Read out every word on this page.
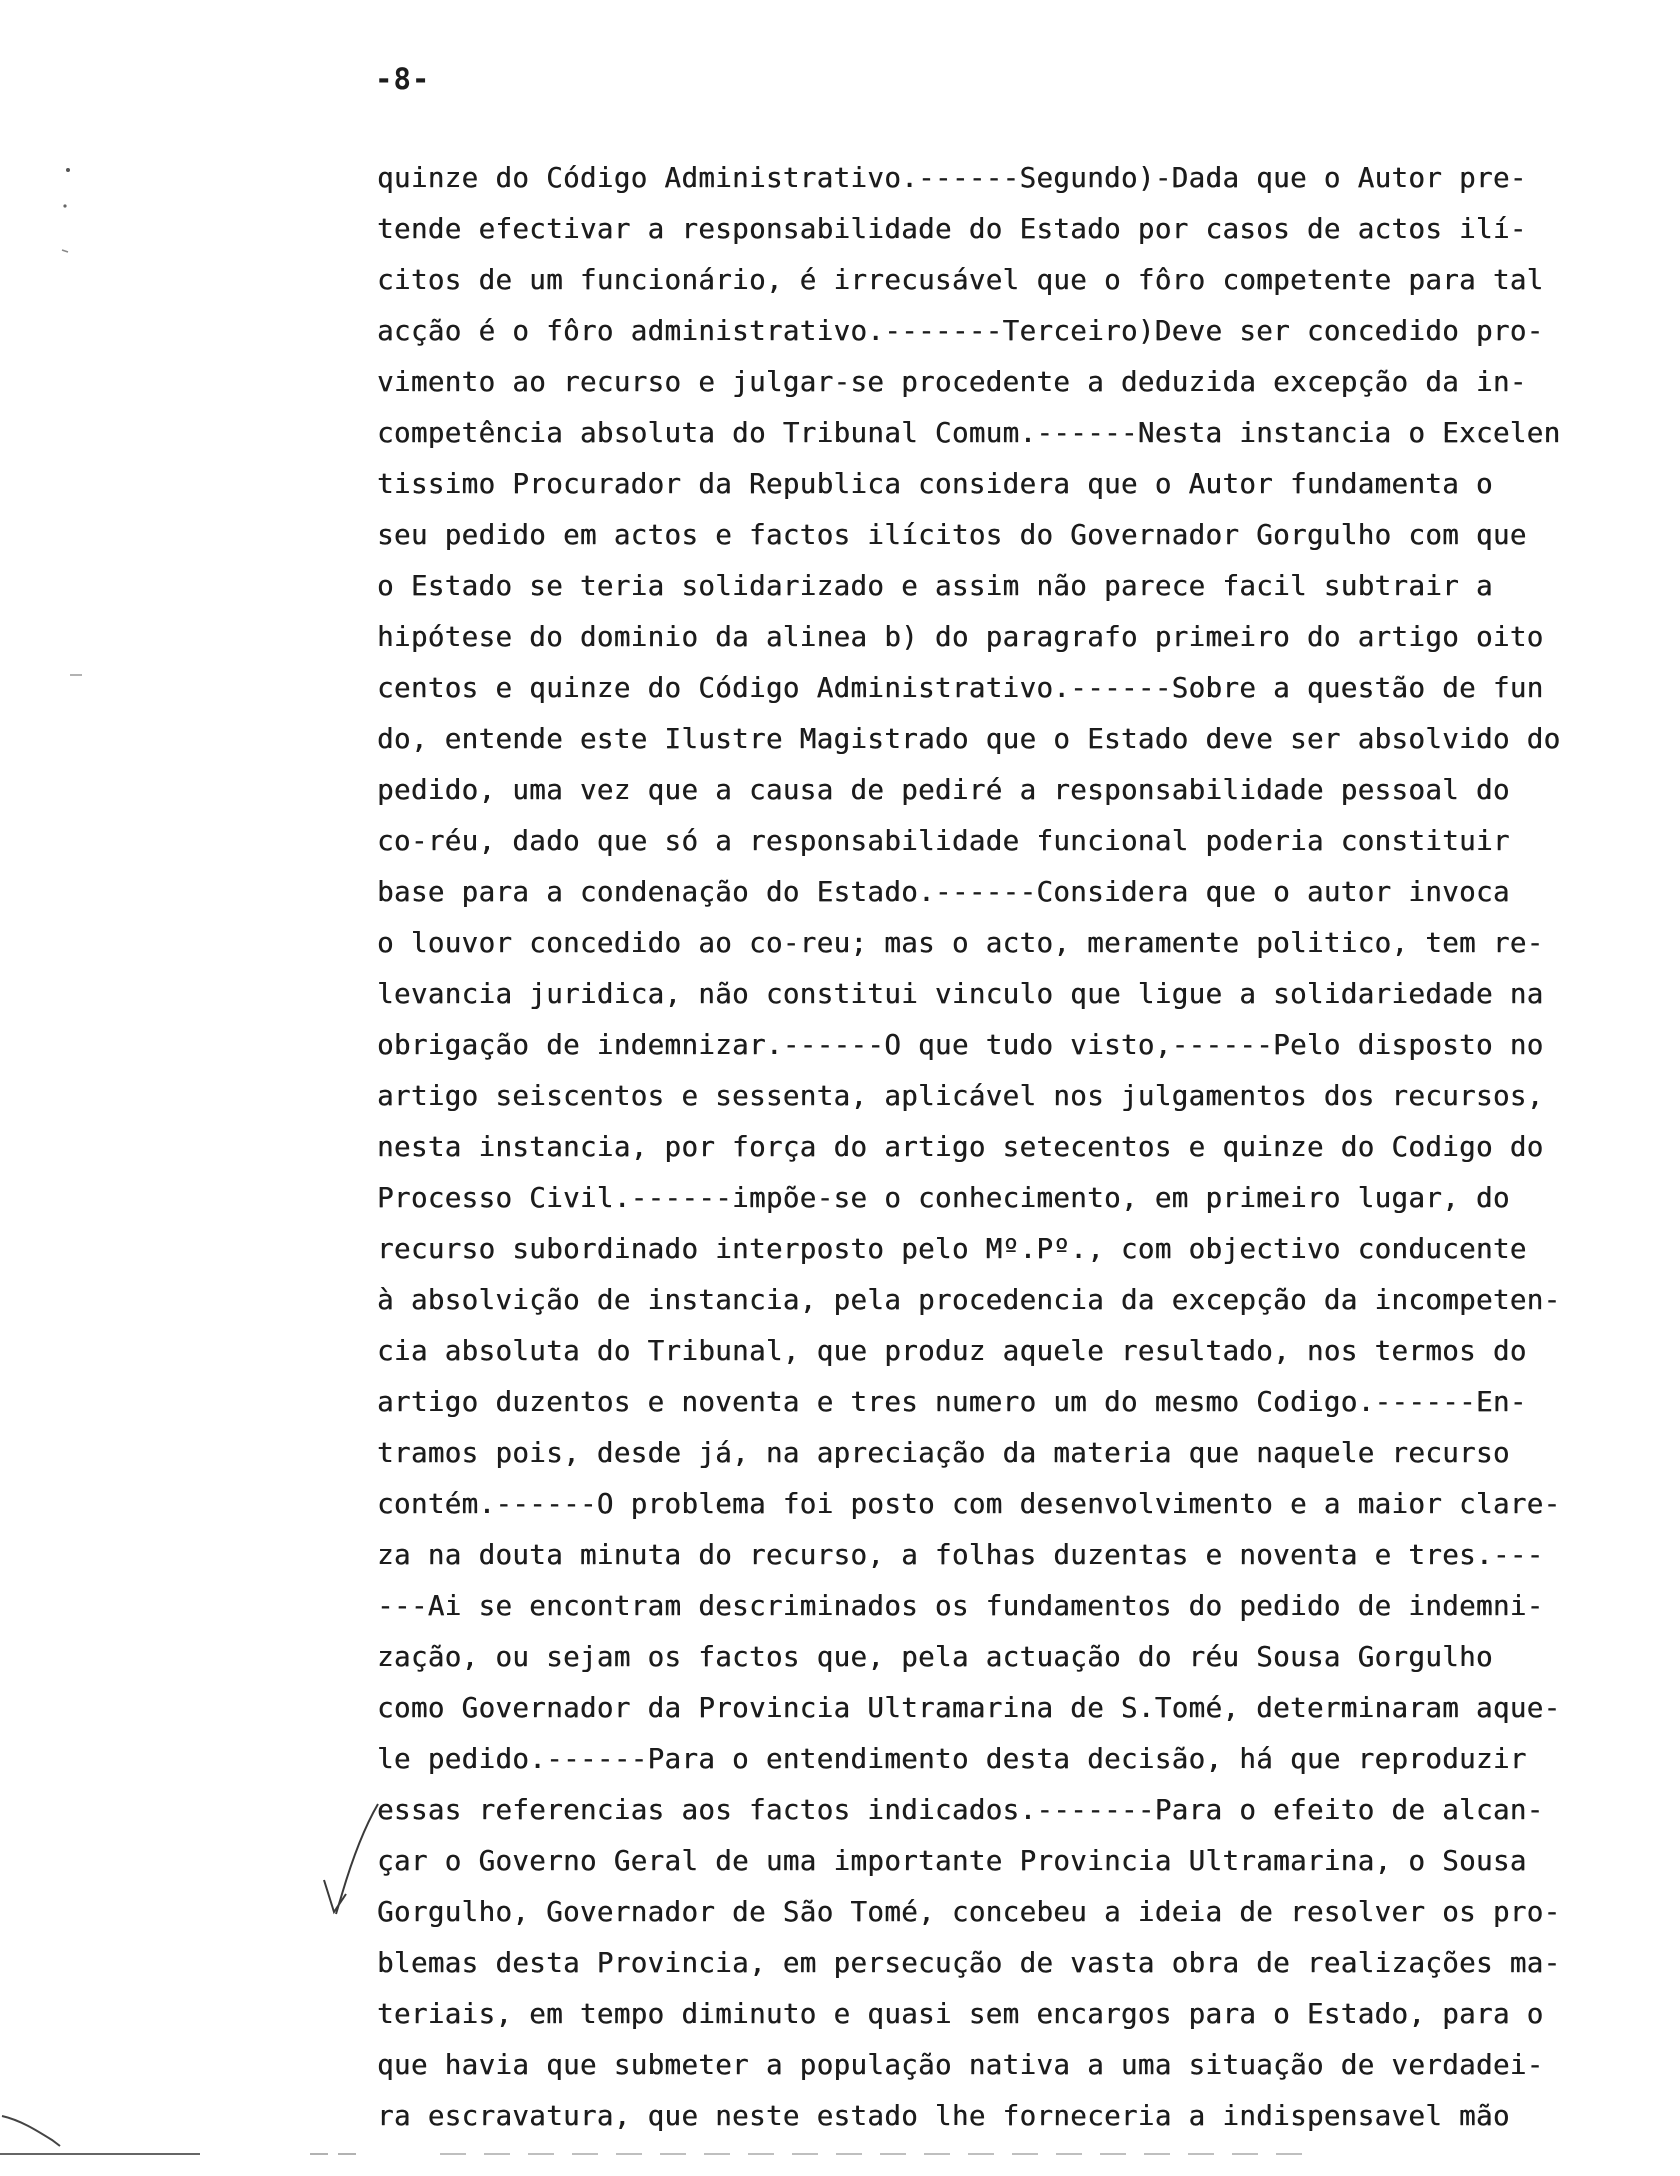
-8-
quinze do Código Administrativo.------Segundo)-Dada que o Autor pre-
tende efectivar a responsabilidade do Estado por casos de actos ilí-
citos de um funcionário, é irrecusável que o fôro competente para tal
acção é o fôro administrativo.-------Terceiro)Deve ser concedido pro-
vimento ao recurso e julgar-se procedente a deduzida excepção da in-
competência absoluta do Tribunal Comum.------Nesta instancia o Excelen
tissimo Procurador da Republica considera que o Autor fundamenta o
seu pedido em actos e factos ilícitos do Governador Gorgulho com que
o Estado se teria solidarizado e assim não parece facil subtrair a
hipótese do dominio da alinea b) do paragrafo primeiro do artigo oito
centos e quinze do Código Administrativo.------Sobre a questão de fun
do, entende este Ilustre Magistrado que o Estado deve ser absolvido do
pedido, uma vez que a causa de pediré a responsabilidade pessoal do
co-réu, dado que só a responsabilidade funcional poderia constituir
base para a condenação do Estado.------Considera que o autor invoca
o louvor concedido ao co-reu; mas o acto, meramente politico, tem re-
levancia juridica, não constitui vinculo que ligue a solidariedade na
obrigação de indemnizar.------O que tudo visto,------Pelo disposto no
artigo seiscentos e sessenta, aplicável nos julgamentos dos recursos,
nesta instancia, por força do artigo setecentos e quinze do Codigo do
Processo Civil.------impõe-se o conhecimento, em primeiro lugar, do
recurso subordinado interposto pelo Mº.Pº., com objectivo conducente
à absolvição de instancia, pela procedencia da excepção da incompeten-
cia absoluta do Tribunal, que produz aquele resultado, nos termos do
artigo duzentos e noventa e tres numero um do mesmo Codigo.------En-
tramos pois, desde já, na apreciação da materia que naquele recurso
contém.------O problema foi posto com desenvolvimento e a maior clare-
za na douta minuta do recurso, a folhas duzentas e noventa e tres.---
---Ai se encontram descriminados os fundamentos do pedido de indemni-
zação, ou sejam os factos que, pela actuação do réu Sousa Gorgulho
como Governador da Provincia Ultramarina de S.Tomé, determinaram aque-
le pedido.------Para o entendimento desta decisão, há que reproduzir
essas referencias aos factos indicados.-------Para o efeito de alcan-
çar o Governo Geral de uma importante Provincia Ultramarina, o Sousa
Gorgulho, Governador de São Tomé, concebeu a ideia de resolver os pro-
blemas desta Provincia, em persecução de vasta obra de realizações ma-
teriais, em tempo diminuto e quasi sem encargos para o Estado, para o
que havia que submeter a população nativa a uma situação de verdadei-
ra escravatura, que neste estado lhe forneceria a indispensavel mão
